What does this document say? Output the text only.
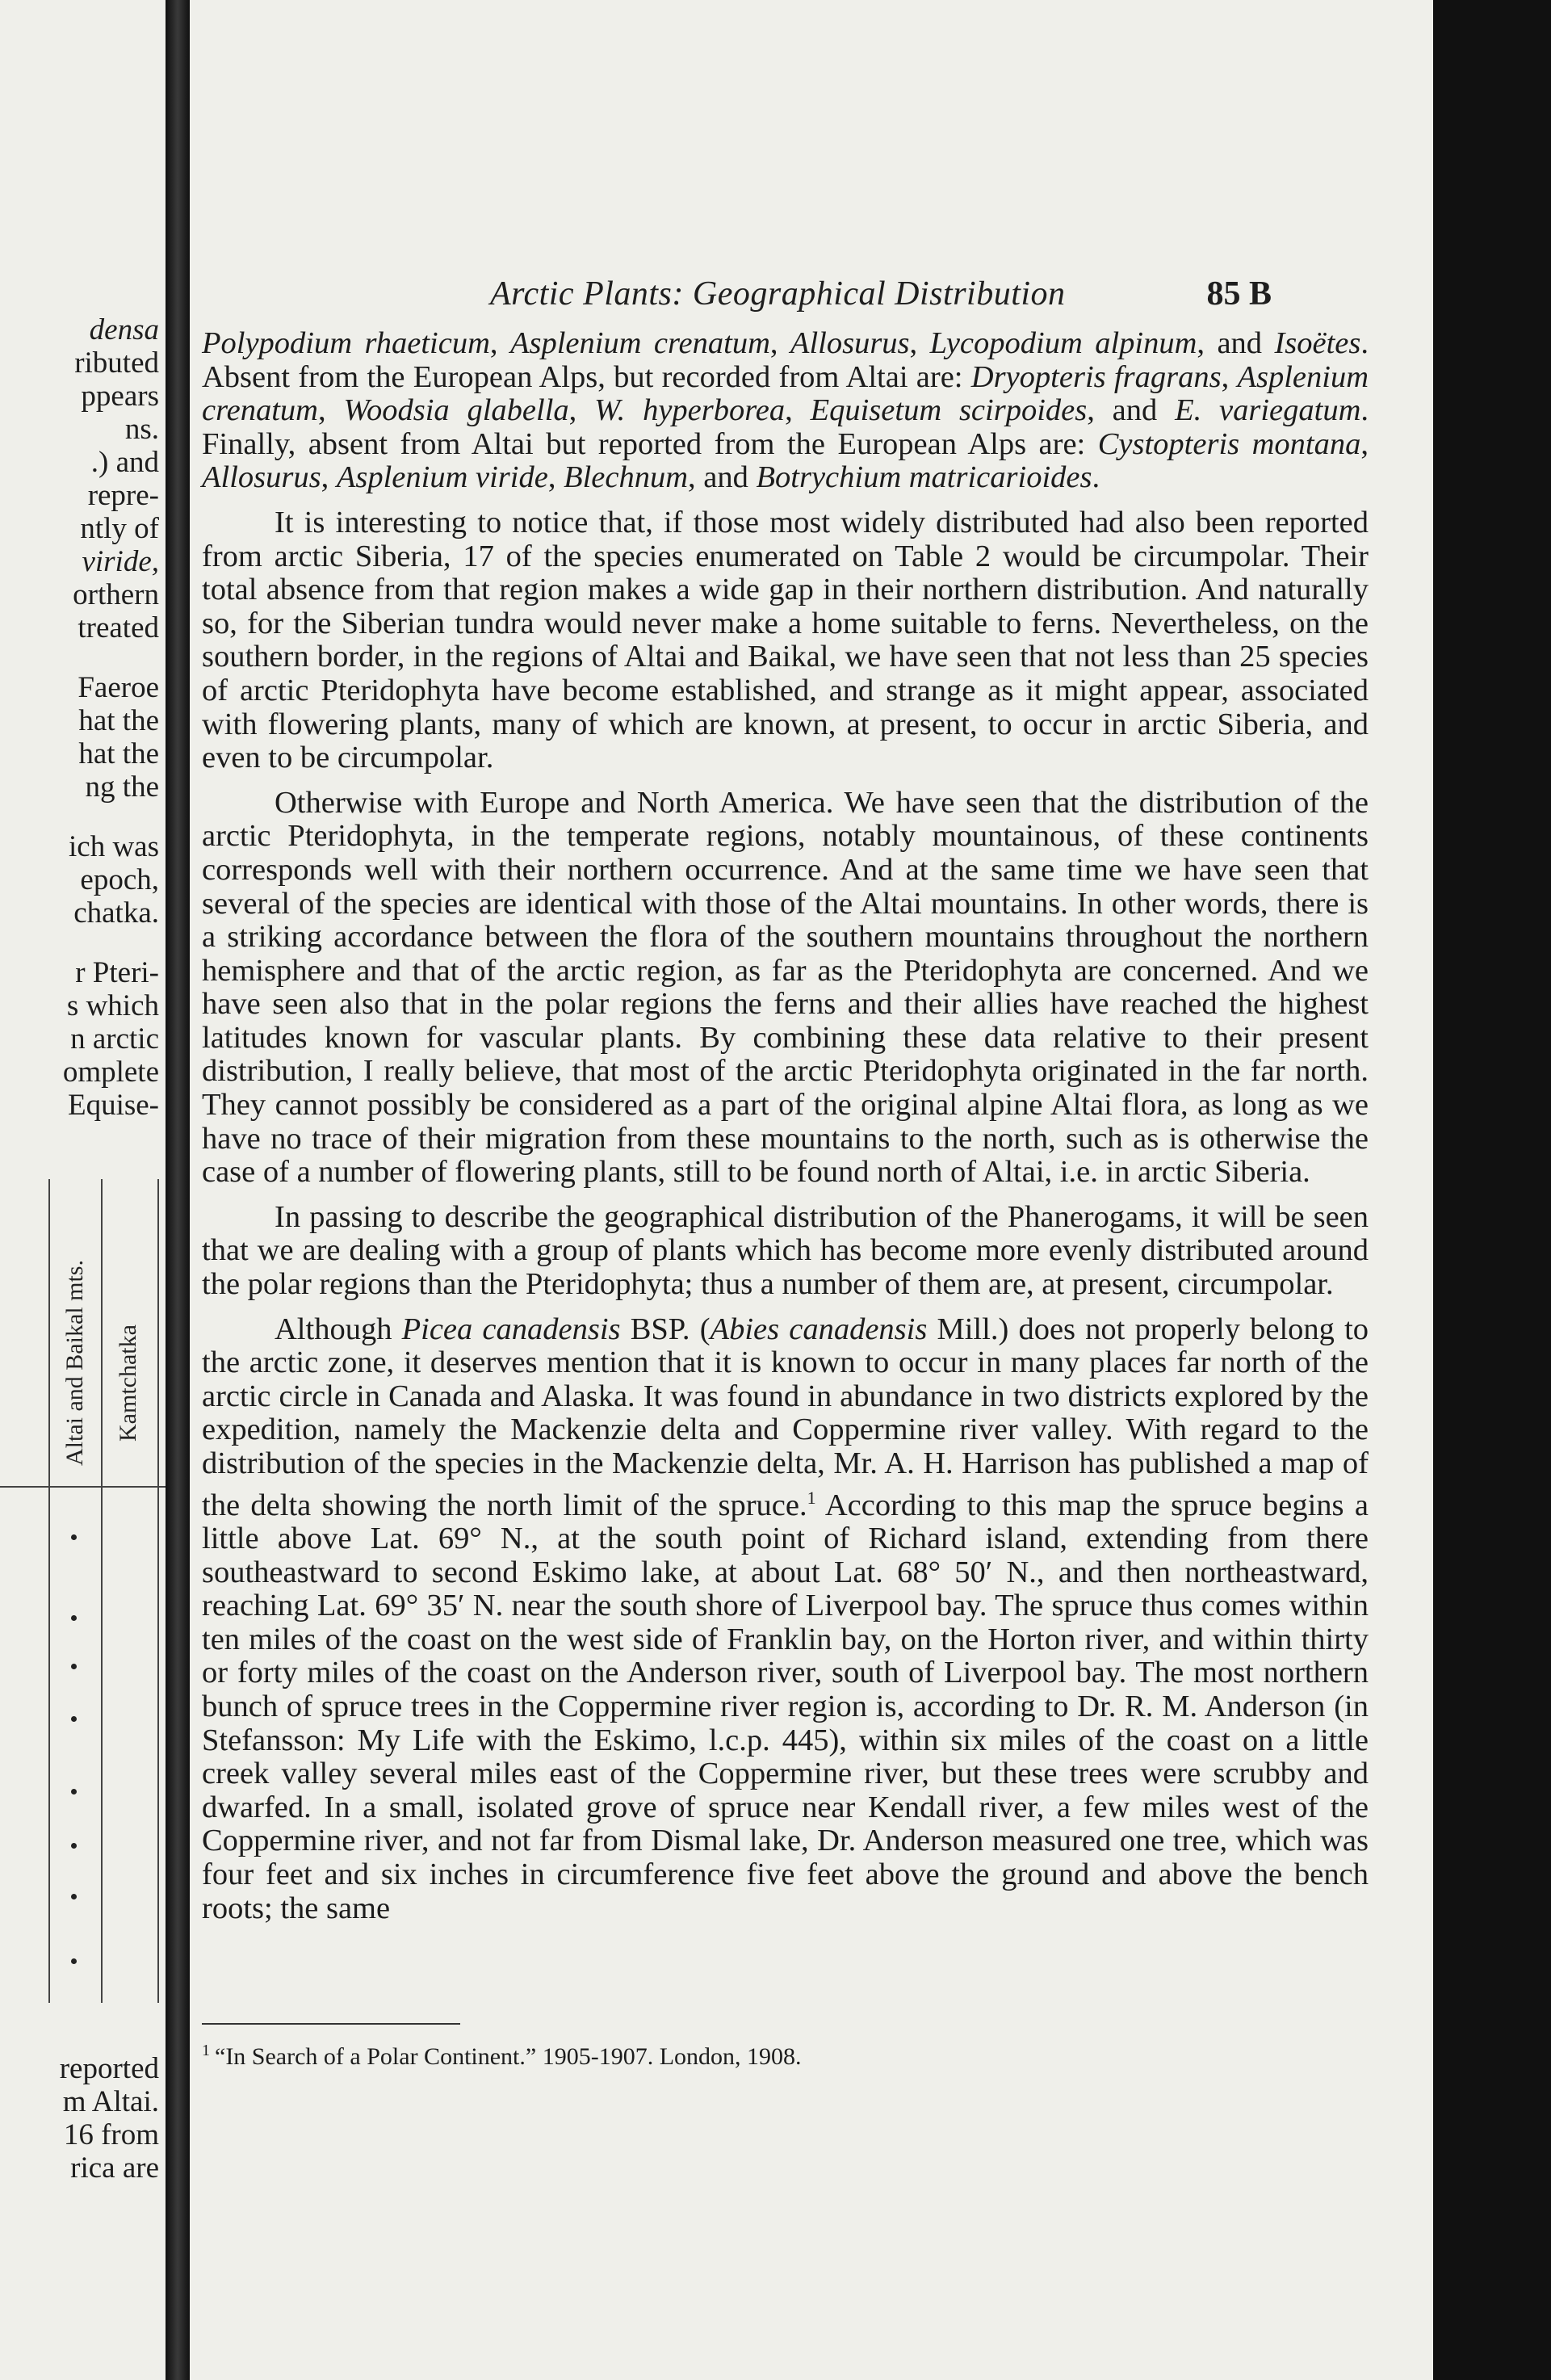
densa
ributed
ppears
ns.
.) and
repre-
ntly of
viride,
orthern
treated
Faeroe
hat the
hat the
ng the
ich was
epoch,
chatka.
r Pteri-
s which
n arctic
omplete
Equise-
reported
m Altai.
16 from
rica are
Altai and Baikal mts. Kamtchatka
Arctic Plants: Geographical Distribution	85 B

Polypodium rhaeticum, Asplenium crenatum, Allosurus, Lycopodium alpinum, and Isoëtes. Absent from the European Alps, but recorded from Altai are: Dryopteris fragrans, Asplenium crenatum, Woodsia glabella, W. hyperborea, Equisetum scirpoides, and E. variegatum. Finally, absent from Altai but reported from the European Alps are: Cystopteris montana, Allosurus, Asplenium viride, Blechnum, and Botrychium matricarioides.

It is interesting to notice that, if those most widely distributed had also been reported from arctic Siberia, 17 of the species enumerated on Table 2 would be circumpolar. Their total absence from that region makes a wide gap in their northern distribution. And naturally so, for the Siberian tundra would never make a home suitable to ferns. Nevertheless, on the southern border, in the regions of Altai and Baikal, we have seen that not less than 25 species of arctic Pteridophyta have become established, and strange as it might appear, associated with flowering plants, many of which are known, at present, to occur in arctic Siberia, and even to be circumpolar.

Otherwise with Europe and North America. We have seen that the distribution of the arctic Pteridophyta, in the temperate regions, notably mountainous, of these continents corresponds well with their northern occurrence. And at the same time we have seen that several of the species are identical with those of the Altai mountains. In other words, there is a striking accordance between the flora of the southern mountains throughout the northern hemisphere and that of the arctic region, as far as the Pteridophyta are concerned. And we have seen also that in the polar regions the ferns and their allies have reached the highest latitudes known for vascular plants. By combining these data relative to their present distribution, I really believe, that most of the arctic Pteridophyta originated in the far north. They cannot possibly be considered as a part of the original alpine Altai flora, as long as we have no trace of their migration from these mountains to the north, such as is otherwise the case of a number of flowering plants, still to be found north of Altai, i.e. in arctic Siberia.

In passing to describe the geographical distribution of the Phanerogams, it will be seen that we are dealing with a group of plants which has become more evenly distributed around the polar regions than the Pteridophyta; thus a number of them are, at present, circumpolar.

Although Picea canadensis BSP. (Abies canadensis Mill.) does not properly belong to the arctic zone, it deserves mention that it is known to occur in many places far north of the arctic circle in Canada and Alaska. It was found in abundance in two districts explored by the expedition, namely the Mackenzie delta and Coppermine river valley. With regard to the distribution of the species in the Mackenzie delta, Mr. A. H. Harrison has published a map of the delta showing the north limit of the spruce.$^1$ According to this map the spruce begins a little above Lat. 69° N., at the south point of Richard island, extending from there southeastward to second Eskimo lake, at about Lat. 68° 50′ N., and then northeastward, reaching Lat. 69° 35′ N. near the south shore of Liverpool bay. The spruce thus comes within ten miles of the coast on the west side of Franklin bay, on the Horton river, and within thirty or forty miles of the coast on the Anderson river, south of Liverpool bay. The most northern bunch of spruce trees in the Coppermine river region is, according to Dr. R. M. Anderson (in Stefansson: My Life with the Eskimo, l.c.p. 445), within six miles of the coast on a little creek valley several miles east of the Coppermine river, but these trees were scrubby and dwarfed. In a small, isolated grove of spruce near Kendall river, a few miles west of the Coppermine river, and not far from Dismal lake, Dr. Anderson measured one tree, which was four feet and six inches in circumference five feet above the ground and above the bench roots; the same

$^1$ “In Search of a Polar Continent.” 1905-1907. London, 1908.
